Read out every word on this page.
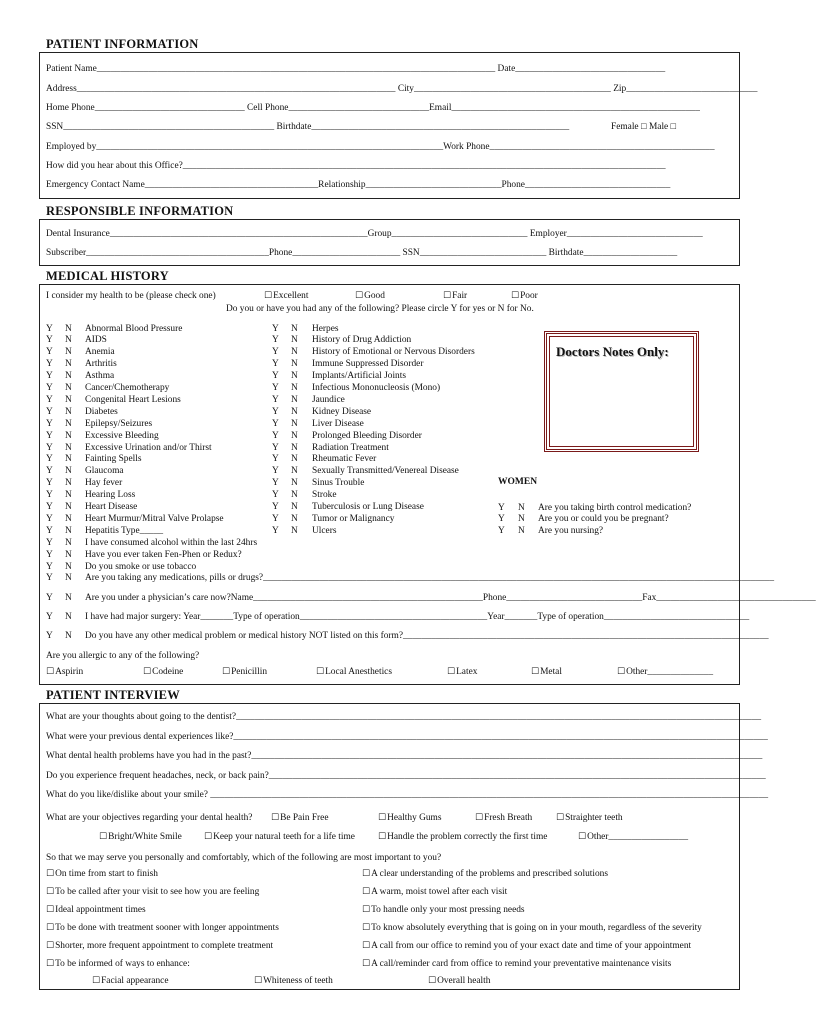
PATIENT INFORMATION
Patient Name_____________________________________________________________________________________ Date________________________________
Address____________________________________________________________________ City__________________________________________ Zip____________________________
Home Phone________________________________ Cell Phone______________________________Email_____________________________________________________
SSN_____________________________________________ Birthdate_______________________________________________________	Female □ Male □
Employed by__________________________________________________________________________Work Phone________________________________________________
How did you hear about this Office?_______________________________________________________________________________________________________
Emergency Contact Name_____________________________________Relationship_____________________________Phone_______________________________
RESPONSIBLE INFORMATION
Dental Insurance_______________________________________________________Group_____________________________ Employer_____________________________
Subscriber_______________________________________Phone_______________________ SSN___________________________ Birthdate____________________
MEDICAL HISTORY
I consider my health to be (please check one)	☐ Excellent	☐ Good	☐ Fair	☐ Poor
Do you or have you had any of the following? Please circle Y for yes or N for No.
Y N Abnormal Blood Pressure
Y N AIDS
Y N Anemia
Y N Arthritis
Y N Asthma
Y N Cancer/Chemotherapy
Y N Congenital Heart Lesions
Y N Diabetes
Y N Epilepsy/Seizures
Y N Excessive Bleeding
Y N Excessive Urination and/or Thirst
Y N Fainting Spells
Y N Glaucoma
Y N Hay fever
Y N Hearing Loss
Y N Heart Disease
Y N Heart Murmur/Mitral Valve Prolapse
Y N Hepatitis Type_____
Y N I have consumed alcohol within the last 24hrs
Y N Have you ever taken Fen-Phen or Redux?
Y N Do you smoke or use tobacco
Y N Are you taking any medications, pills or drugs?_____________________________________________________________________________________________________________
Y N Herpes
Y N History of Drug Addiction
Y N History of Emotional or Nervous Disorders
Y N Immune Suppressed Disorder
Y N Implants/Artificial Joints
Y N Infectious Mononucleosis (Mono)
Y N Jaundice
Y N Kidney Disease
Y N Liver Disease
Y N Prolonged Bleeding Disorder
Y N Radiation Treatment
Y N Rheumatic Fever
Y N Sexually Transmitted/Venereal Disease
Y N Sinus Trouble
Y N Stroke
Y N Tuberculosis or Lung Disease
Y N Tumor or Malignancy
Y N Ulcers
Doctors Notes Only:
WOMEN
Y N Are you taking birth control medication?
Y N Are you or could you be pregnant?
Y N Are you nursing?
Y N Are you under a physician’s care now?Name_________________________________________________Phone_____________________________Fax__________________________________
Y N I have had major surgery: Year_______Type of operation________________________________________Year_______Type of operation_______________________________
Y N Do you have any other medical problem or medical history NOT listed on this form?______________________________________________________________________________
Are you allergic to any of the following?
☐ Aspirin	☐ Codeine	☐ Penicillin	☐ Local Anesthetics	☐ Latex	☐ Metal	☐ Other______________
PATIENT INTERVIEW
What are your thoughts about going to the dentist?________________________________________________________________________________________________________________
What were your previous dental experiences like?__________________________________________________________________________________________________________________
What dental health problems have you had in the past?_____________________________________________________________________________________________________________
Do you experience frequent headaches, neck, or back pain?__________________________________________________________________________________________________________
What do you like/dislike about your smile? _______________________________________________________________________________________________________________________
What are your objectives regarding your dental health?	☐ Be Pain Free	☐ Healthy Gums	☐ Fresh Breath	☐ Straighter teeth
☐ Bright/White Smile	☐ Keep your natural teeth for a life time	☐ Handle the problem correctly the first time	☐ Other_________________
So that we may serve you personally and comfortably, which of the following are most important to you?
☐ On time from start to finish
☐ To be called after your visit to see how you are feeling
☐ Ideal appointment times
☐ To be done with treatment sooner with longer appointments
☐ Shorter, more frequent appointment to complete treatment
☐ To be informed of ways to enhance:
☐ A clear understanding of the problems and prescribed solutions
☐ A warm, moist towel after each visit
☐ To handle only your most pressing needs
☐ To know absolutely everything that is going on in your mouth, regardless of the severity
☐ A call from our office to remind you of your exact date and time of your appointment
☐ A call/reminder card from office to remind your preventative maintenance visits
☐ Facial appearance	☐ Whiteness of teeth	☐ Overall health
